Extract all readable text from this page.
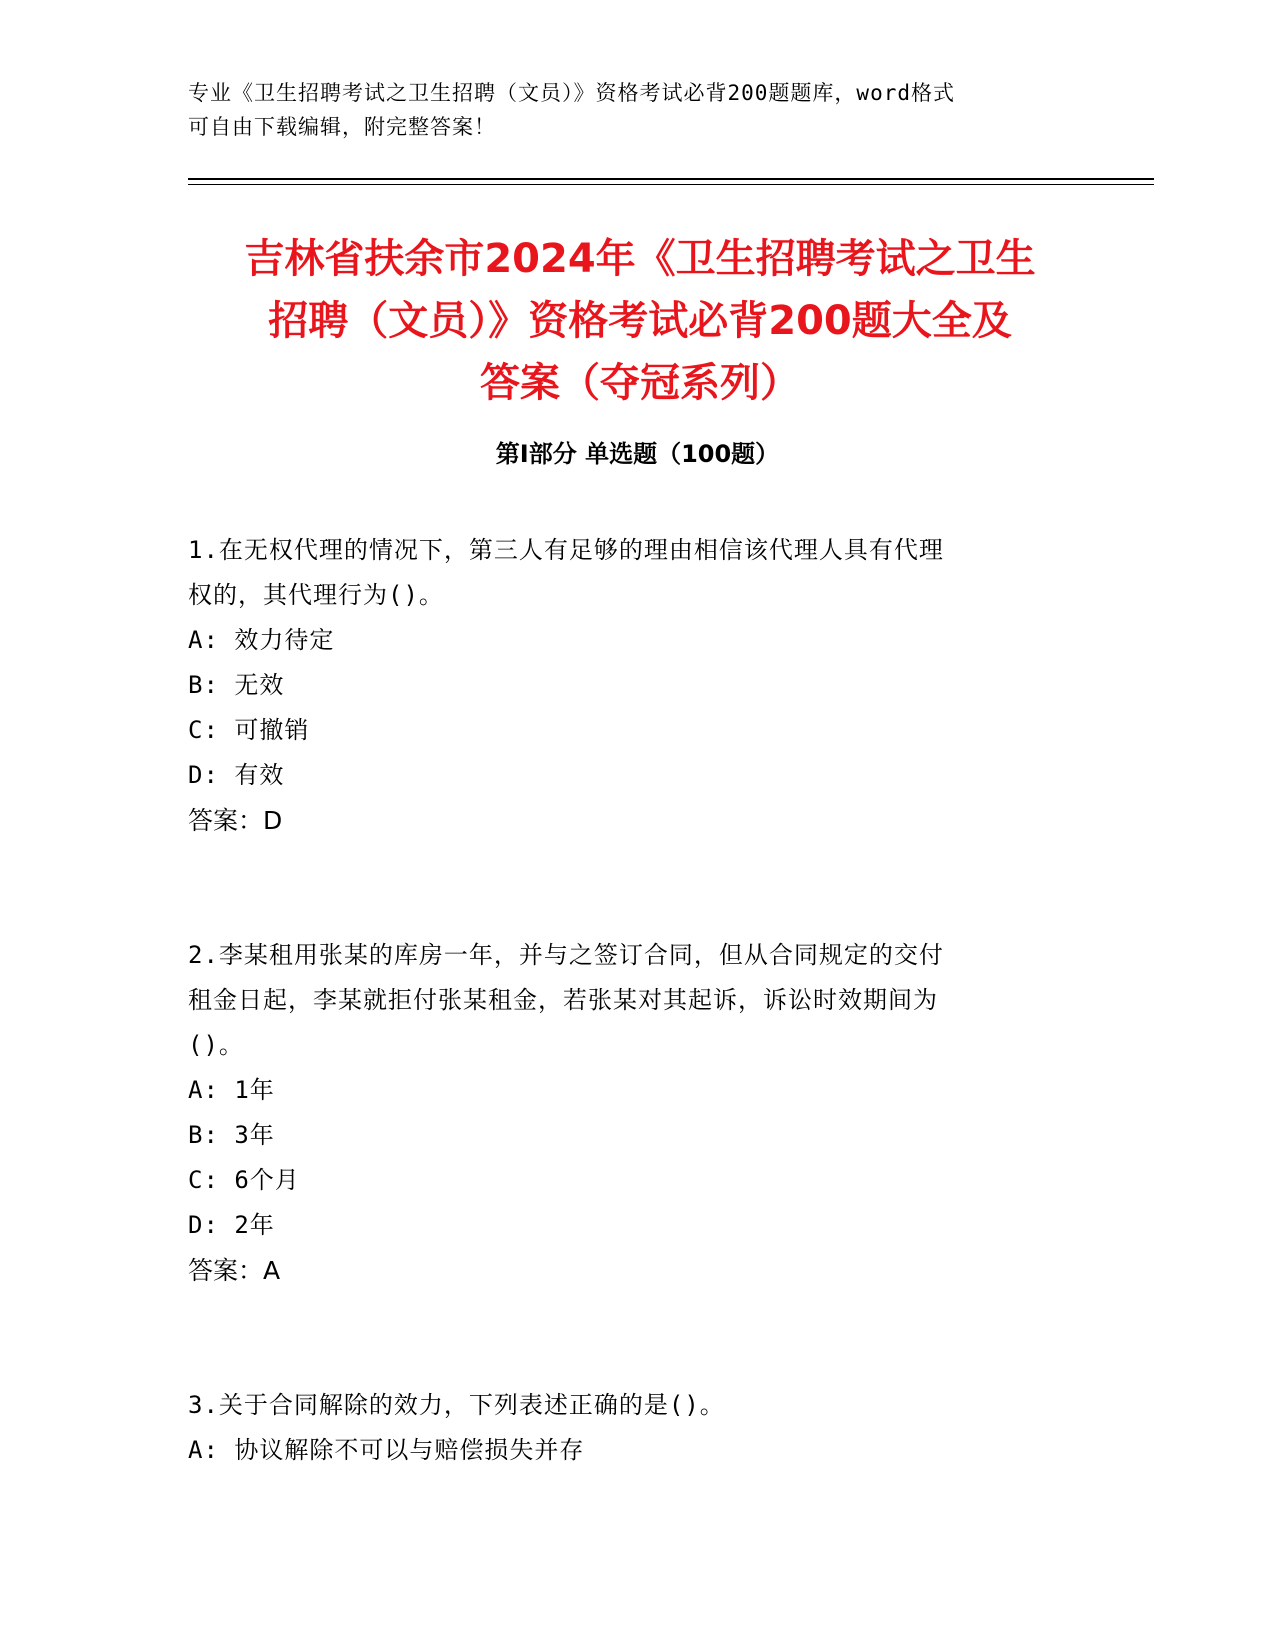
专业《卫生招聘考试之卫生招聘（文员）》资格考试必背200题题库，word格式
可自由下载编辑，附完整答案！
吉林省扶余市2024年《卫生招聘考试之卫生
招聘（文员）》资格考试必背200题大全及
答案（夺冠系列）
第Ⅰ部分 单选题（100题）
1.在无权代理的情况下，第三人有足够的理由相信该代理人具有代理
权的，其代理行为()。
A: 效力待定
B: 无效
C: 可撤销
D: 有效
答案：D
2.李某租用张某的库房一年，并与之签订合同，但从合同规定的交付
租金日起，李某就拒付张某租金，若张某对其起诉，诉讼时效期间为
()。
A: 1年
B: 3年
C: 6个月
D: 2年
答案：A
3.关于合同解除的效力，下列表述正确的是()。
A: 协议解除不可以与赔偿损失并存
